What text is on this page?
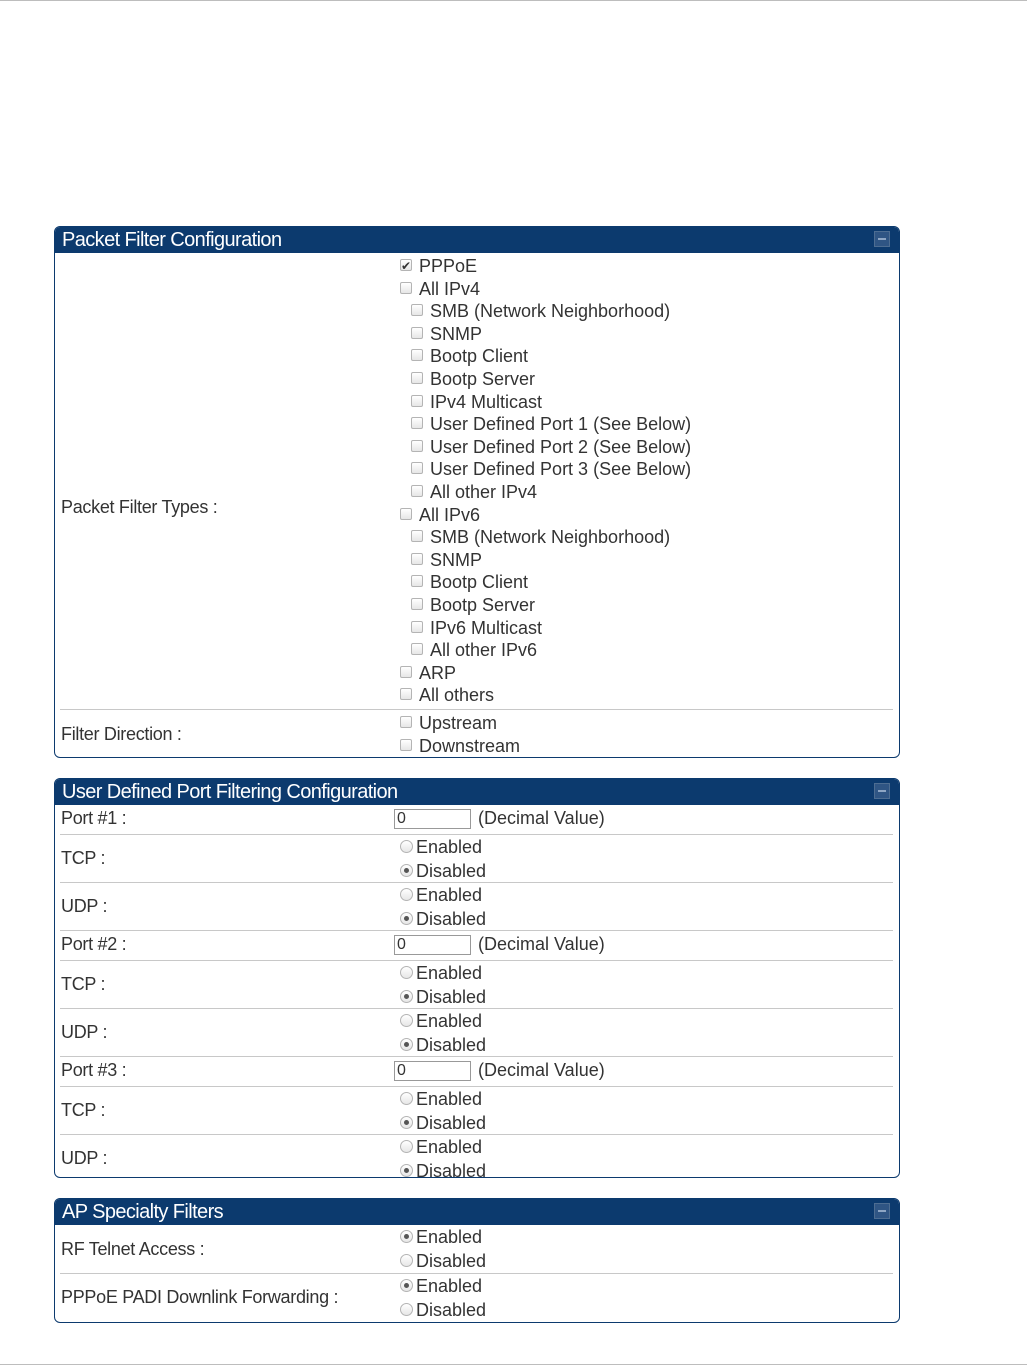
Packet Filter Configuration
Packet Filter Types :
✔
PPPoE
All IPv4
SMB (Network Neighborhood)
SNMP
Bootp Client
Bootp Server
IPv4 Multicast
User Defined Port 1 (See Below)
User Defined Port 2 (See Below)
User Defined Port 3 (See Below)
All other IPv4
All IPv6
SMB (Network Neighborhood)
SNMP
Bootp Client
Bootp Server
IPv6 Multicast
All other IPv6
ARP
All others
Filter Direction :
Upstream
Downstream
User Defined Port Filtering Configuration
Port #1 :
0	(Decimal Value)
TCP :
Enabled
Disabled
UDP :
Enabled
Disabled
Port #2 :
0	(Decimal Value)
TCP :
Enabled
Disabled
UDP :
Enabled
Disabled
Port #3 :
0	(Decimal Value)
TCP :
Enabled
Disabled
UDP :
Enabled
Disabled
AP Specialty Filters
RF Telnet Access :
Enabled
Disabled
PPPoE PADI Downlink Forwarding :
Enabled
Disabled
